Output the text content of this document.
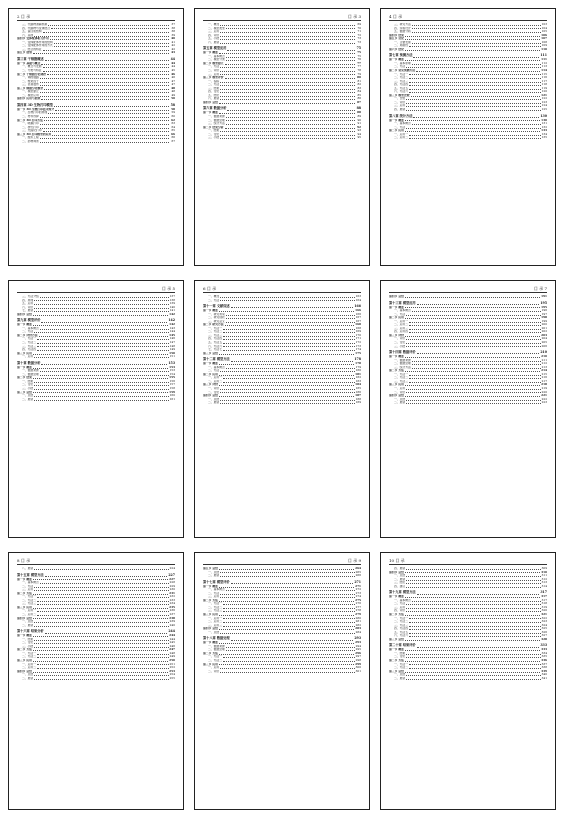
2 目 录
三、代谢物清除机制	37
四、代谢物与受体结合	38
五、蛋白质结构	38
六、其他	39
第四节 受体配体相互作用	40
一、受体配体作用的结构	41
二、受体配体作用的方式	42
三、结合的特征	42
第五节 展望	43
第三章 干细胞概述	44
第一节 基础与概念	44
一、概念与发展	44
二、分类与特征	45
第二节 干细胞分化调控	46
一、调控通路	46
二、转录因子	47
三、表观遗传	47
第三节 细胞分化模型	48
一、模型建立	48
二、模型应用	49
第四节 应用与展望	50
第四章 3D 生物打印模型	58
第一节 3D 生物打印技术简介	58
一、生物打印的原理	59
二、材料选择	60
第二节 3D 打印方法	62
一、喷墨打印	63
二、挤出打印	64
三、光固化打印	65
第三节 3D 打印模型的应用	66
一、组织工程	66
二、药物筛选	67
目 录 3
一、概述	69
二、模型类型	70
三、应用	71
四、评价	72
五、小结	73
六、展望	73
第五章 模型应用	75
第一节 概述	75
一、基本概念	75
二、模型分类	76
第二节 模型建立	77
一、方法	77
二、评价	78
三、应用	79
第三节 模型评价	80
一、指标	81
二、方法	82
三、结果	83
四、讨论	84
五、结论	85
六、展望	86
第四节 总结	87
第六章 数据分析	88
第一节 概述	88
一、数据来源	89
二、数据处理	90
三、统计方法	91
第二节 结果分析	92
一、结果	93
二、讨论	94
三、小结	95
4 目 录
三、研究方法	103
四、实验设计	104
五、数据分析	105
第四节 结果	106
第五节 讨论	107
一、主要发现	108
二、局限性	109
第六节 结论	110
第七章 预测方法	111
第一节 概述	111
一、基本原理	112
二、方法	113
第二节 常见预测方法	114
一、方法一	115
二、方法二	116
三、方法三	117
四、方法四	118
五、方法五	119
六、方法六	120
第三节 模型比较	121
一、比较	122
二、评价	123
三、应用	124
四、展望	125
第八章 统计方法	130
第一节 概述	130
一、基本概念	131
二、方法	132
第二节 应用	133
一、应用一	134
二、应用二	135
目 录 5
三、方法介绍	137
四、原理	138
五、应用	139
六、评价	140
七、展望	141
第四节 总结	142
第九章 模型评价	142
第一节 概述	142
一、基本概念	143
二、方法	144
第二节 评价方法	145
一、方法一	146
二、方法二	147
三、方法三	148
四、方法四	149
第三节 应用	150
一、应用	151
第十章 数据分析	153
第一节 概述	153
一、数据来源	153
二、数据处理	154
第二节 结果	155
一、结果	156
二、讨论	157
三、小结	158
第三节 总结	159
一、总结	160
二、展望	161
6 目 录
一、概述	163
二、方法	164
第十一章 文献综述	166
第一节 概述	166
一、研究背景	166
二、研究现状	167
三、研究意义	167
第二节 研究方法	168
一、方法一	168
二、方法二	169
三、方法三	170
四、方法四	171
五、方法五	172
六、方法六	173
七、方法七	174
第三节 总结	175
第十二章 模型方法	178
第一节 概述	178
一、基本概念	179
二、方法	180
第二节 应用	181
一、应用一	182
二、应用二	183
第三节 评价	184
一、评价	185
二、讨论	186
第四节 总结	187
一、总结	188
二、展望	189
目 录 7
第四节 总结	191
第十三章 模型应用	195
第一节 概述	195
一、基本概念	196
二、方法	197
第二节 应用	198
一、应用一	199
二、应用二	200
三、应用三	201
四、应用四	202
第三节 评价	203
一、评价	204
二、讨论	205
三、小结	206
第十四章 数据评价	210
第一节 概述	210
一、数据来源	211
二、数据处理	212
三、统计方法	213
第二节 方法	214
一、方法一	215
二、方法二	216
三、方法三	217
第三节 应用	218
一、应用	219
二、评价	220
第四节 总结	221
一、总结	222
二、展望	223
8 目 录
八、展望	224
第十五章 模型方法	227
第一节 概述	227
一、基本概念	228
二、方法	229
三、应用	230
第二节 方法	231
一、方法一	232
二、方法二	233
三、方法三	234
第三节 应用	235
一、应用一	236
二、应用二	237
第四节 总结	238
一、总结	239
二、展望	240
第十六章 结果分析	244
第一节 概述	244
一、结果	244
二、讨论	245
三、小结	246
第二节 方法	247
一、方法一	248
二、方法二	249
第三节 应用	250
一、应用一	251
二、应用二	252
第四节 总结	253
一、总结	254
二、展望	255
目 录 9
第五节 总结	264
一、总结	265
二、展望	266
第十七章 模型评价	271
第一节 概述	271
一、基本概念	272
二、方法	273
三、应用	274
第二节 方法	275
一、方法一	276
二、方法二	277
三、方法三	278
第三节 应用	279
一、应用一	280
二、应用二	281
三、应用三	282
第四节 总结	283
一、总结	284
第十八章 数据处理	293
第一节 概述	293
一、数据来源	294
二、数据处理	295
第二节 方法	296
一、方法一	297
二、方法二	298
第三节 应用	299
一、应用	300
二、评价	301
10 目 录
四、展望	309
第四节 总结	310
一、总结	311
二、展望	312
三、结论	313
四、建议	314
第十九章 模型方法	317
第一节 概述	317
一、基本概念	317
二、方法	318
三、应用	319
四、评价	320
第二节 方法	321
一、方法一	322
二、方法二	323
三、方法三	324
四、方法四	325
五、方法五	326
六、方法六	327
第三节 总结	328
第二十章 结果评价	333
第一节 概述	333
一、结果	334
二、讨论	335
第二节 方法	336
一、方法一	337
二、方法二	338
第三节 总结	339
一、总结	340
二、展望	341
